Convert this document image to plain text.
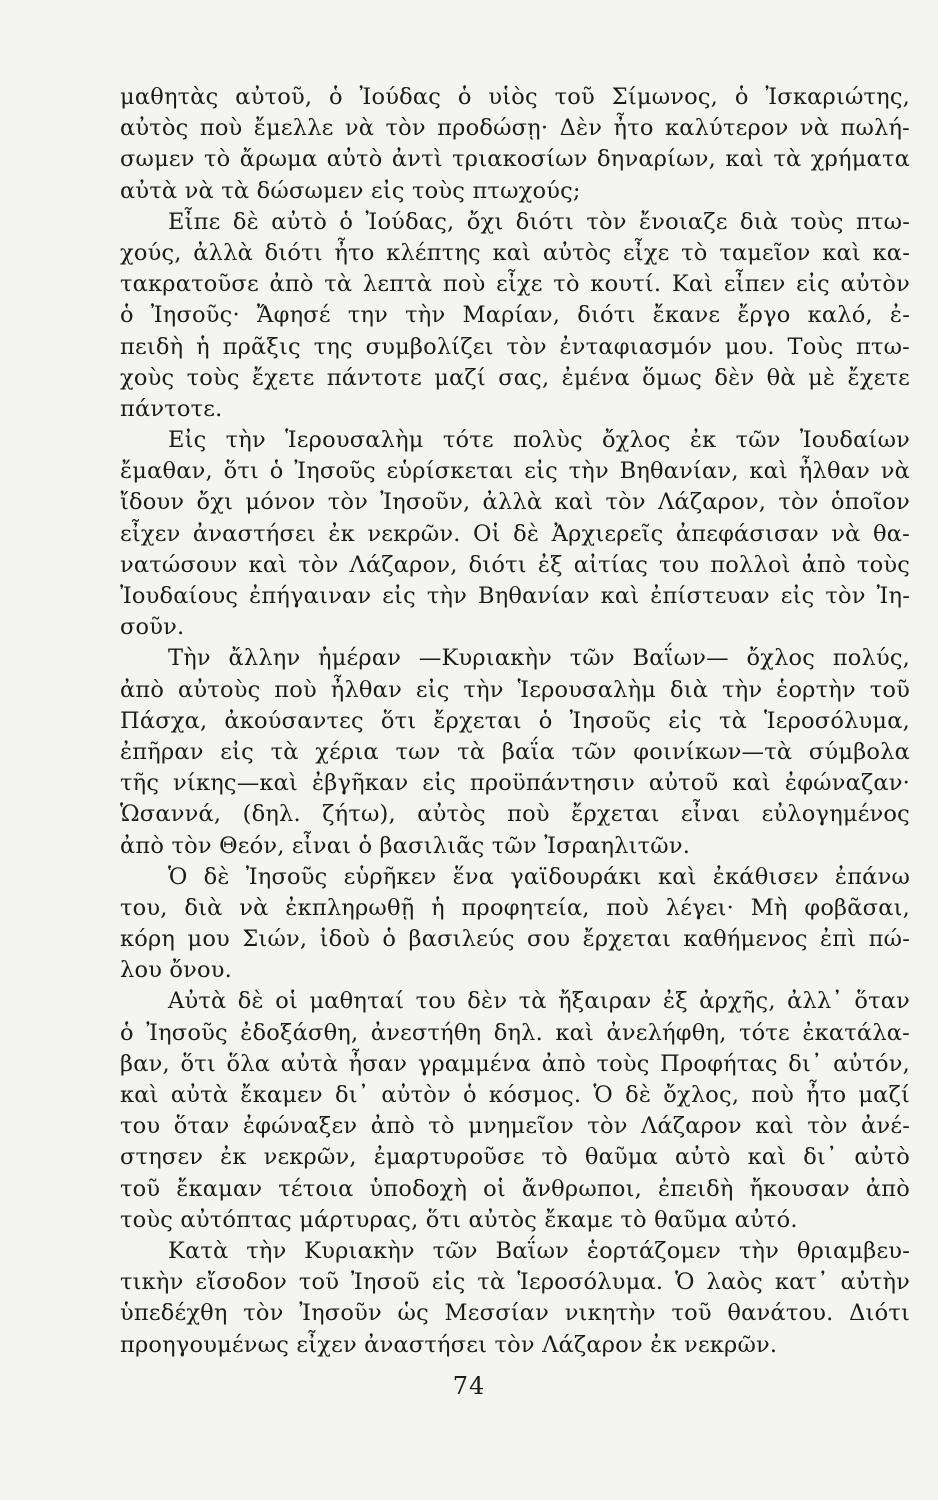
μαθητὰς αὐτοῦ, ὁ Ἰούδας ὁ υἱὸς τοῦ Σίμωνος, ὁ Ἰσκαριώτης,
αὐτὸς ποὺ ἔμελλε νὰ τὸν προδώσῃ· Δὲν ἦτο καλύτερον νὰ πωλή-
σωμεν τὸ ἄρωμα αὐτὸ ἀντὶ τριακοσίων δηναρίων, καὶ τὰ χρήματα
αὐτὰ νὰ τὰ δώσωμεν εἰς τοὺς πτωχούς;
Εἶπε δὲ αὐτὸ ὁ Ἰούδας, ὄχι διότι τὸν ἔνοιαζε διὰ τοὺς πτω-
χούς, ἀλλὰ διότι ἦτο κλέπτης καὶ αὐτὸς εἶχε τὸ ταμεῖον καὶ κα-
τακρατοῦσε ἀπὸ τὰ λεπτὰ ποὺ εἶχε τὸ κουτί. Καὶ εἶπεν εἰς αὐτὸν
ὁ Ἰησοῦς· Ἄφησέ την τὴν Μαρίαν, διότι ἔκανε ἔργο καλό, ἐ-
πειδὴ ἡ πρᾶξις της συμβολίζει τὸν ἐνταφιασμόν μου. Τοὺς πτω-
χοὺς τοὺς ἔχετε πάντοτε μαζί σας, ἐμένα ὅμως δὲν θὰ μὲ ἔχετε
πάντοτε.
Εἰς τὴν Ἱερουσαλὴμ τότε πολὺς ὄχλος ἐκ τῶν Ἰουδαίων
ἔμαθαν, ὅτι ὁ Ἰησοῦς εὑρίσκεται εἰς τὴν Βηθανίαν, καὶ ἦλθαν νὰ
ἴδουν ὄχι μόνον τὸν Ἰησοῦν, ἀλλὰ καὶ τὸν Λάζαρον, τὸν ὁποῖον
εἶχεν ἀναστήσει ἐκ νεκρῶν. Οἱ δὲ Ἀρχιερεῖς ἀπεφάσισαν νὰ θα-
νατώσουν καὶ τὸν Λάζαρον, διότι ἐξ αἰτίας του πολλοὶ ἀπὸ τοὺς
Ἰουδαίους ἐπήγαιναν εἰς τὴν Βηθανίαν καὶ ἐπίστευαν εἰς τὸν Ἰη-
σοῦν.
Τὴν ἄλλην ἡμέραν —Κυριακὴν τῶν Βαΐων— ὄχλος πολύς,
ἀπὸ αὐτοὺς ποὺ ἦλθαν εἰς τὴν Ἱερουσαλὴμ διὰ τὴν ἑορτὴν τοῦ
Πάσχα, ἀκούσαντες ὅτι ἔρχεται ὁ Ἰησοῦς εἰς τὰ Ἱεροσόλυμα,
ἐπῆραν εἰς τὰ χέρια των τὰ βαΐα τῶν φοινίκων—τὰ σύμβολα
τῆς νίκης—καὶ ἐβγῆκαν εἰς προϋπάντησιν αὐτοῦ καὶ ἐφώναζαν·
Ὡσαννά, (δηλ. ζήτω), αὐτὸς ποὺ ἔρχεται εἶναι εὐλογημένος
ἀπὸ τὸν Θεόν, εἶναι ὁ βασιλιᾶς τῶν Ἰσραηλιτῶν.
Ὁ δὲ Ἰησοῦς εὑρῆκεν ἕνα γαϊδουράκι καὶ ἐκάθισεν ἐπάνω
του, διὰ νὰ ἐκπληρωθῇ ἡ προφητεία, ποὺ λέγει· Μὴ φοβᾶσαι,
κόρη μου Σιών, ἰδοὺ ὁ βασιλεύς σου ἔρχεται καθήμενος ἐπὶ πώ-
λου ὄνου.
Αὐτὰ δὲ οἱ μαθηταί του δὲν τὰ ἤξαιραν ἐξ ἀρχῆς, ἀλλ᾽ ὅταν
ὁ Ἰησοῦς ἐδοξάσθη, ἀνεστήθη δηλ. καὶ ἀνελήφθη, τότε ἐκατάλα-
βαν, ὅτι ὅλα αὐτὰ ἦσαν γραμμένα ἀπὸ τοὺς Προφήτας δι᾽ αὐτόν,
καὶ αὐτὰ ἔκαμεν δι᾽ αὐτὸν ὁ κόσμος. Ὁ δὲ ὄχλος, ποὺ ἦτο μαζί
του ὅταν ἐφώναξεν ἀπὸ τὸ μνημεῖον τὸν Λάζαρον καὶ τὸν ἀνέ-
στησεν ἐκ νεκρῶν, ἐμαρτυροῦσε τὸ θαῦμα αὐτὸ καὶ δι᾽ αὐτὸ
τοῦ ἔκαμαν τέτοια ὑποδοχὴ οἱ ἄνθρωποι, ἐπειδὴ ἤκουσαν ἀπὸ
τοὺς αὐτόπτας μάρτυρας, ὅτι αὐτὸς ἔκαμε τὸ θαῦμα αὐτό.
Κατὰ τὴν Κυριακὴν τῶν Βαΐων ἑορτάζομεν τὴν θριαμβευ-
τικὴν εἴσοδον τοῦ Ἰησοῦ εἰς τὰ Ἱεροσόλυμα. Ὁ λαὸς κατ᾽ αὐτὴν
ὑπεδέχθη τὸν Ἰησοῦν ὡς Μεσσίαν νικητὴν τοῦ θανάτου. Διότι
προηγουμένως εἶχεν ἀναστήσει τὸν Λάζαρον ἐκ νεκρῶν.
74
